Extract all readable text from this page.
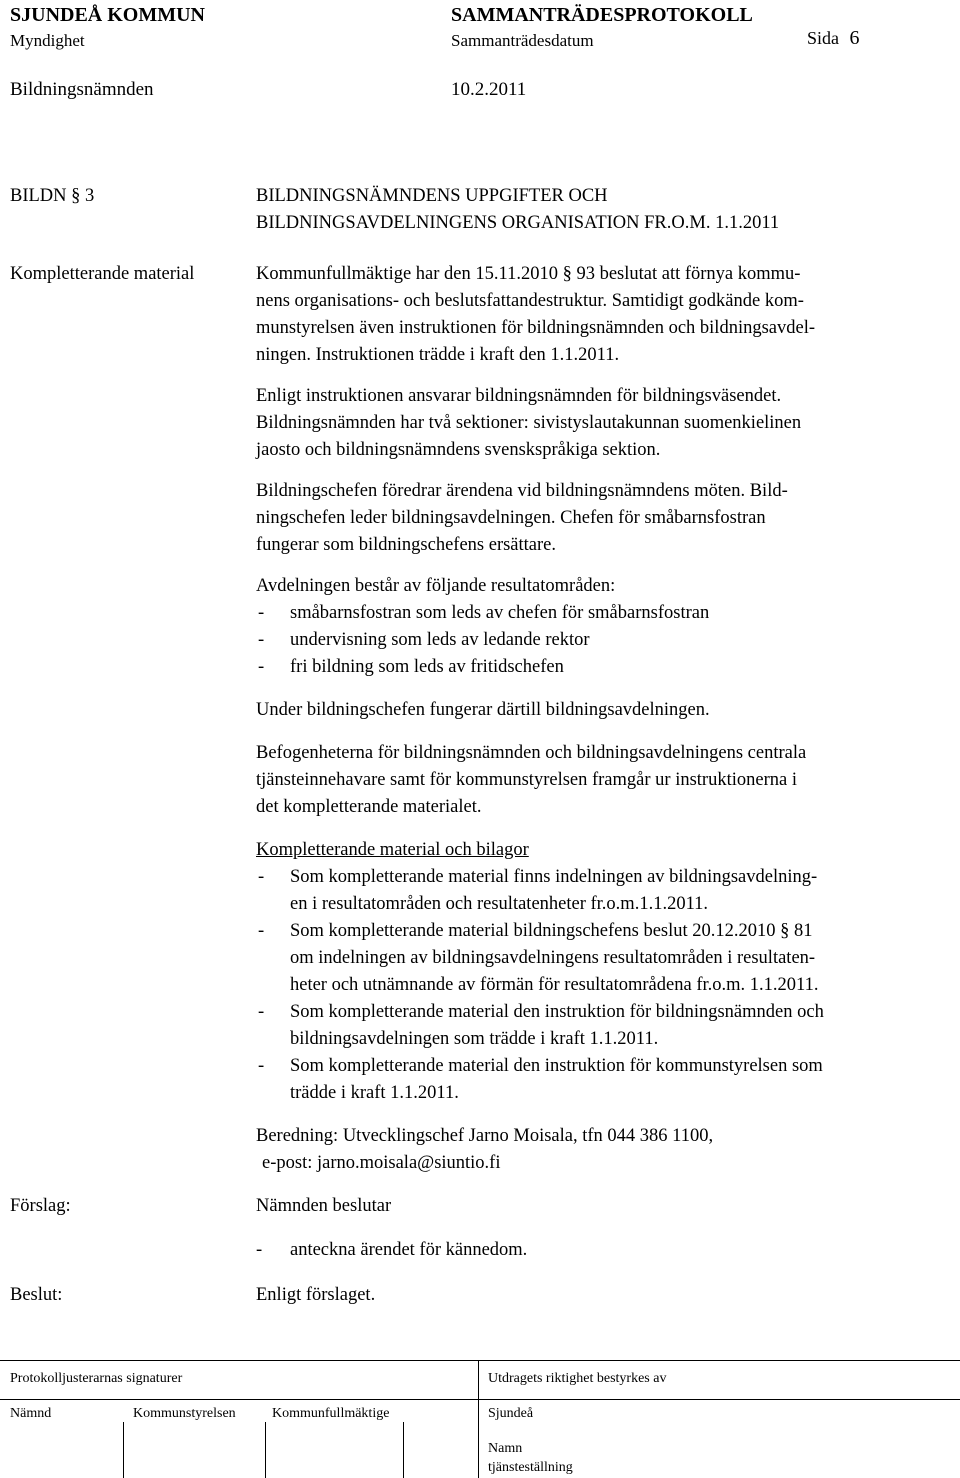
SJUNDEÅ KOMMUN	SAMMANTRÄDESPROTOKOLL
Myndighet	Sammanträdesdatum	Sida 6
Bildningsnämnden	10.2.2011
BILDN § 3	BILDNINGSNÄMNDENS UPPGIFTER OCH
BILDNINGSAVDELNINGENS ORGANISATION FR.O.M. 1.1.2011
Kompletterande material	Kommunfullmäktige har den 15.11.2010 § 93 beslutat att förnya kommu-
nens organisations- och beslutsfattandestruktur. Samtidigt godkände kom-
munstyrelsen även instruktionen för bildningsnämnden och bildningsavdel-
ningen. Instruktionen trädde i kraft den 1.1.2011.
Enligt instruktionen ansvarar bildningsnämnden för bildningsväsendet.
Bildningsnämnden har två sektioner: sivistyslautakunnan suomenkielinen
jaosto och bildningsnämndens svenskspråkiga sektion.
Bildningschefen föredrar ärendena vid bildningsnämndens möten. Bild-
ningschefen leder bildningsavdelningen. Chefen för småbarnsfostran
fungerar som bildningschefens ersättare.
Avdelningen består av följande resultatområden:
- småbarnsfostran som leds av chefen för småbarnsfostran
- undervisning som leds av ledande rektor
- fri bildning som leds av fritidschefen
Under bildningschefen fungerar därtill bildningsavdelningen.
Befogenheterna för bildningsnämnden och bildningsavdelningens centrala
tjänsteinnehavare samt för kommunstyrelsen framgår ur instruktionerna i
det kompletterande materialet.
Kompletterande material och bilagor
- Som kompletterande material finns indelningen av bildningsavdelning-
en i resultatområden och resultatenheter fr.o.m.1.1.2011.
- Som kompletterande material bildningschefens beslut 20.12.2010 § 81
om indelningen av bildningsavdelningens resultatområden i resultaten-
heter och utnämnande av förmän för resultatområdena fr.o.m. 1.1.2011.
- Som kompletterande material den instruktion för bildningsnämnden och
bildningsavdelningen som trädde i kraft 1.1.2011.
- Som kompletterande material den instruktion för kommunstyrelsen som
trädde i kraft 1.1.2011.
Beredning: Utvecklingschef Jarno Moisala, tfn 044 386 1100,
e-post: jarno.moisala@siuntio.fi
Förslag:	Nämnden beslutar
- anteckna ärendet för kännedom.
Beslut:	Enligt förslaget.
Protokolljusterarnas signaturer	Utdragets riktighet bestyrkes av
Nämnd	Kommunstyrelsen	Kommunfullmäktige	Sjundeå
Namn
tjänsteställning
